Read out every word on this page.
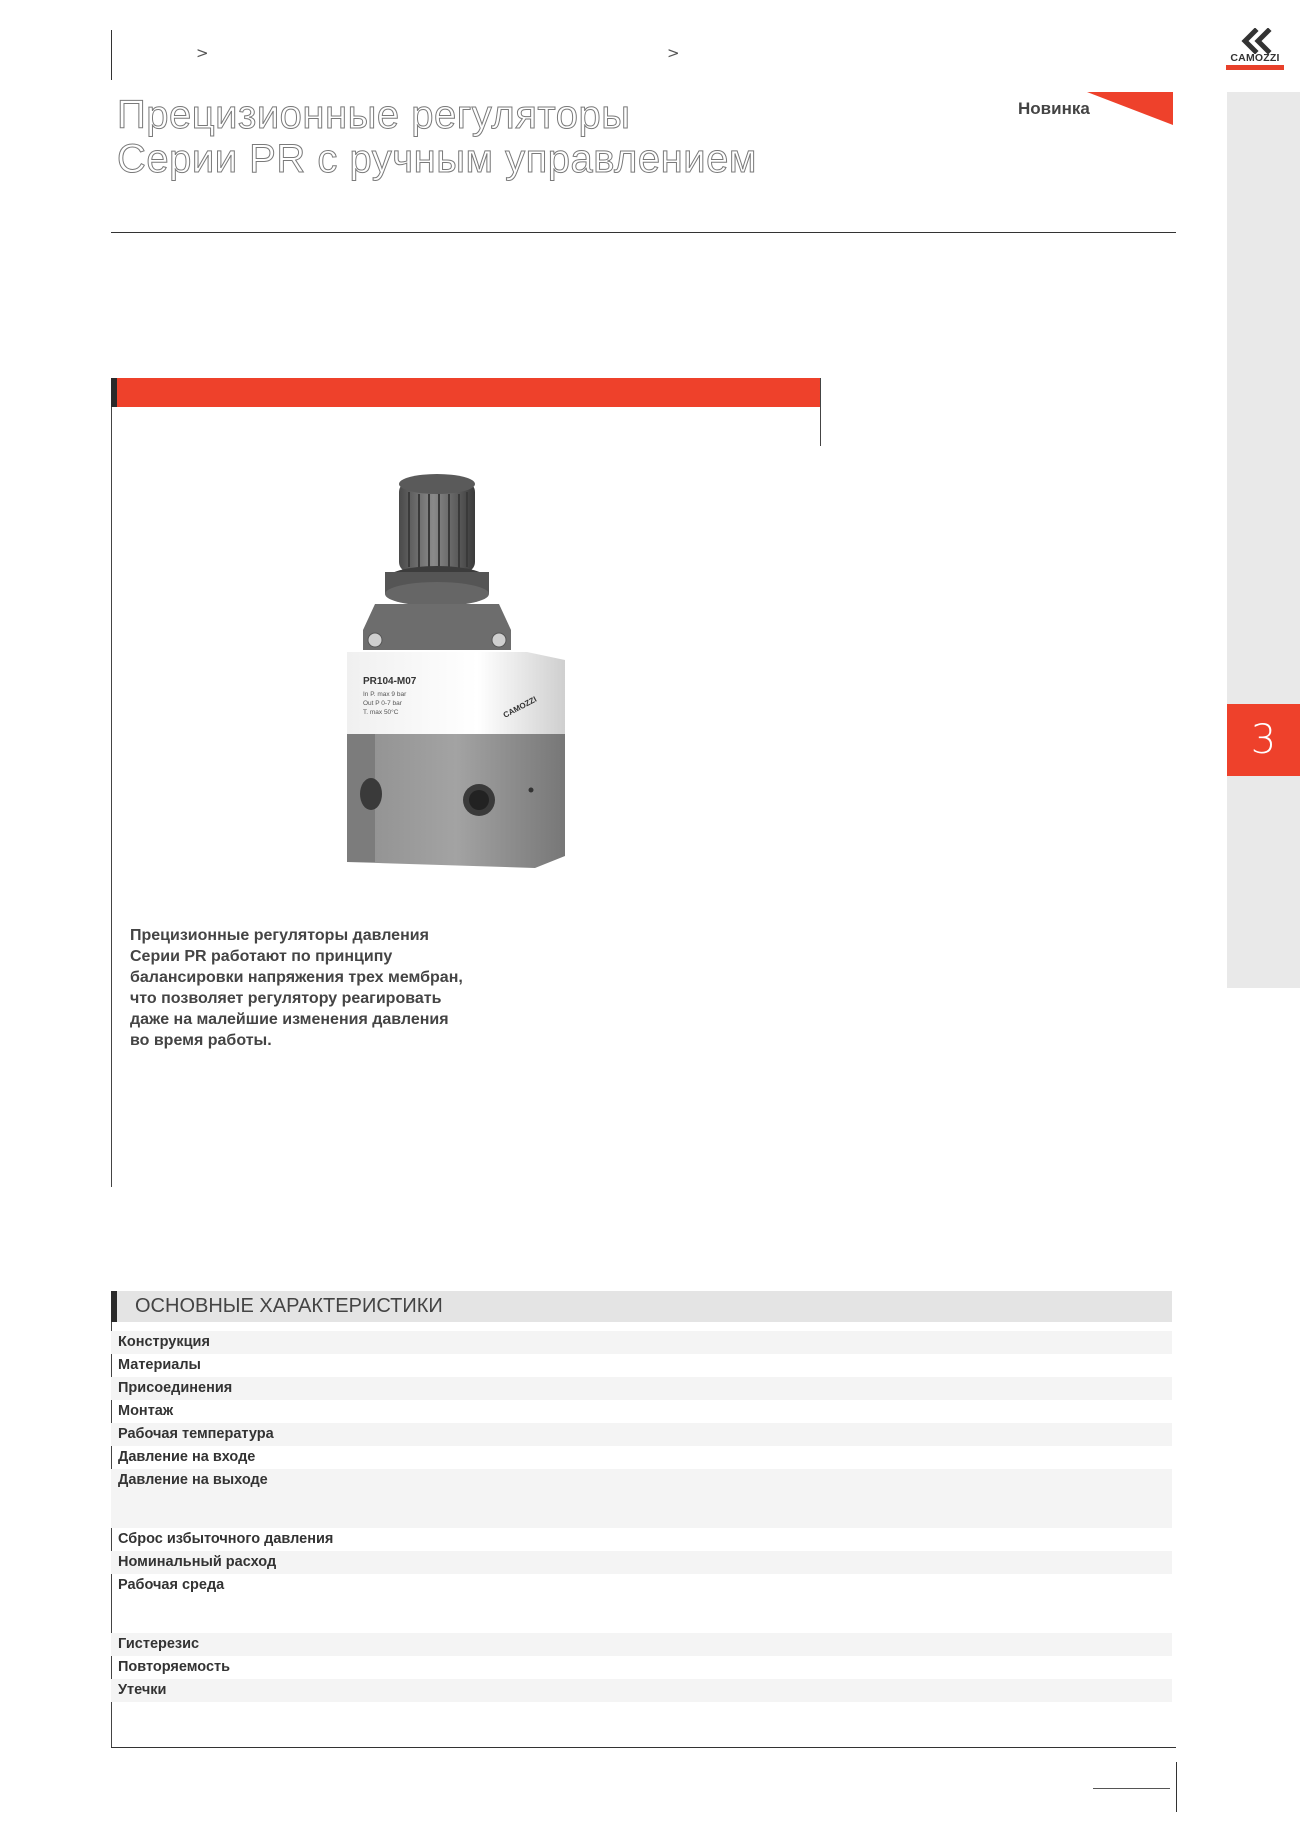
>	>
Прецизионные регуляторы
Серии PR с ручным управлением
Новинка
CAMOZZI
3
PR104-M07
In P. max 9 bar
Out P 0-7 bar
T. max 50°C	CAMOZZI

Прецизионные регуляторы давления Серии PR работают по принципу балансировки напряжения трех мембран, что позволяет регулятору реагировать даже на малейшие изменения давления во время работы.

ОСНОВНЫЕ ХАРАКТЕРИСТИКИ
Конструкция
Материалы
Присоединения
Монтаж
Рабочая температура
Давление на входе
Давление на выходе
Сброс избыточного давления
Номинальный расход
Рабочая среда
Гистерезис
Повторяемость
Утечки
